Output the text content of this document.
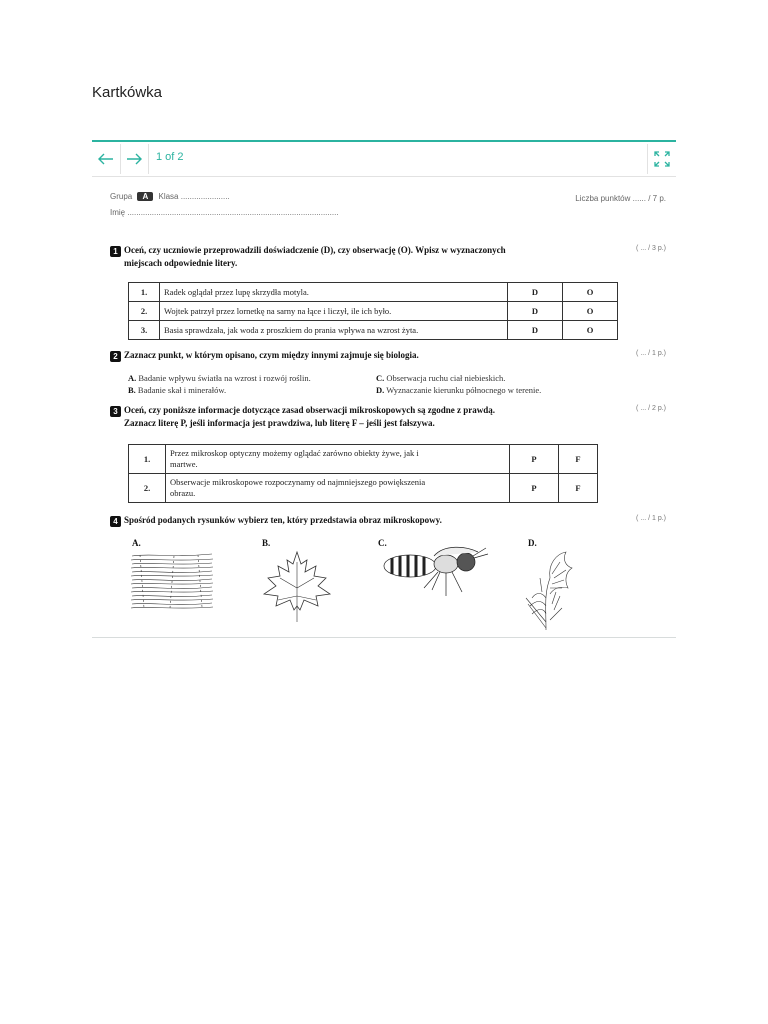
Kartkówka
1 of 2
Grupa A Klasa ......................
Imię ...............................................................................................
Liczba punktów ...... / 7 p.
1 Oceń, czy uczniowie przeprowadzili doświadczenie (D), czy obserwację (O). Wpisz w wyznaczonych
miejscach odpowiednie litery.
( ... / 3 p.)
1.	Radek oglądał przez lupę skrzydła motyla.	D	O
2.	Wojtek patrzył przez lornetkę na sarny na łące i liczył, ile ich było.	D	O
3.	Basia sprawdzała, jak woda z proszkiem do prania wpływa na wzrost żyta.	D	O
2 Zaznacz punkt, w którym opisano, czym między innymi zajmuje się biologia.	( ... / 1 p.)
A. Badanie wpływu światła na wzrost i rozwój roślin.
B. Badanie skał i minerałów.
C. Obserwacja ruchu ciał niebieskich.
D. Wyznaczanie kierunku północnego w terenie.
3 Oceń, czy poniższe informacje dotyczące zasad obserwacji mikroskopowych są zgodne z prawdą.
Zaznacz literę P, jeśli informacja jest prawdziwa, lub literę F – jeśli jest fałszywa.
( ... / 2 p.)
1.	Przez mikroskop optyczny możemy oglądać zarówno obiekty żywe, jak i
martwe.	P	F
2.	Obserwacje mikroskopowe rozpoczynamy od najmniejszego powiększenia
obrazu.	P	F
4 Spośród podanych rysunków wybierz ten, który przedstawia obraz mikroskopowy.	( ... / 1 p.)
A.	B.	C.	D.
